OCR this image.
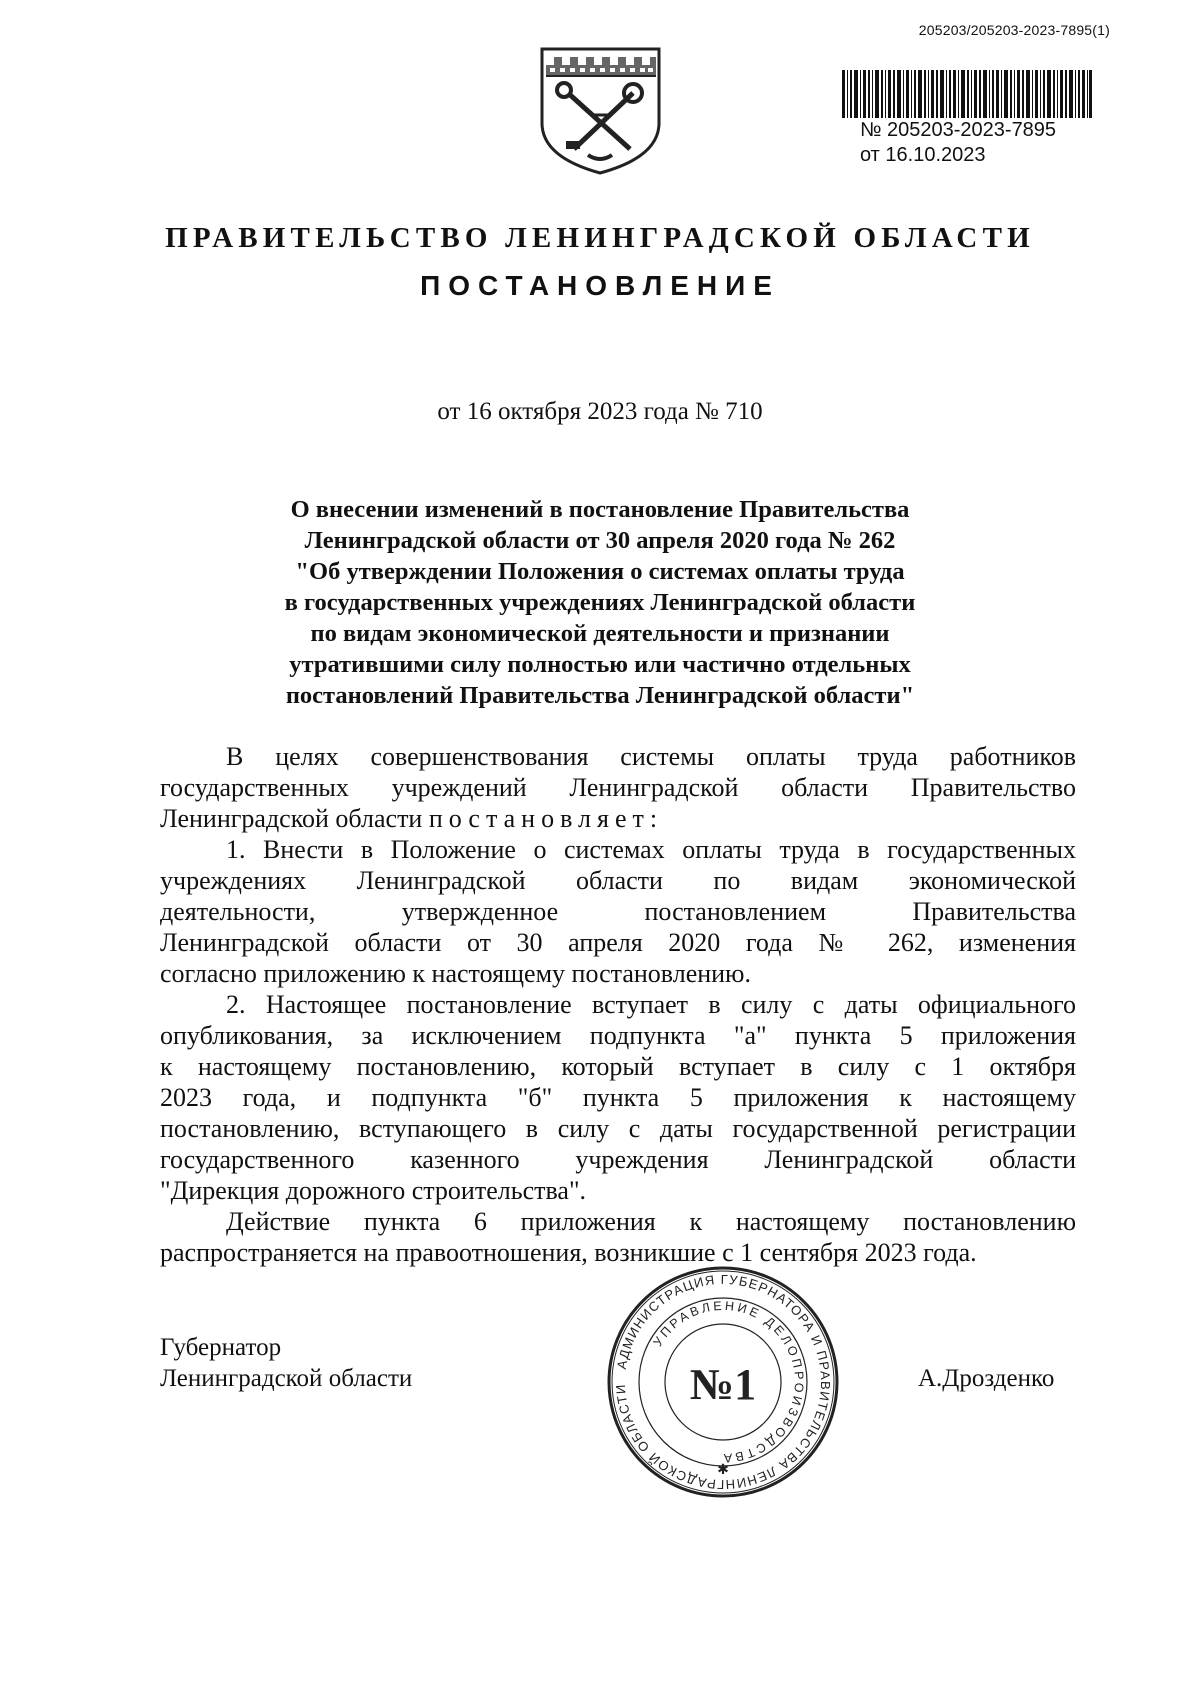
205203/205203-2023-7895(1)
№ 205203-2023-7895
от 16.10.2023
ПРАВИТЕЛЬСТВО ЛЕНИНГРАДСКОЙ ОБЛАСТИ
ПОСТАНОВЛЕНИЕ
от 16 октября 2023 года № 710
О внесении изменений в постановление Правительства
Ленинградской области от 30 апреля 2020 года № 262
"Об утверждении Положения о системах оплаты труда
в государственных учреждениях Ленинградской области
по видам экономической деятельности и признании
утратившими силу полностью или частично отдельных
постановлений Правительства Ленинградской области"
В целях совершенствования системы оплаты труда работников
государственных учреждений Ленинградской области Правительство
Ленинградской области постановляет:
1. Внести в Положение о системах оплаты труда в государственных
учреждениях Ленинградской области по видам экономической
деятельности, утвержденное постановлением Правительства
Ленинградской области от 30 апреля 2020 года № 262, изменения
согласно приложению к настоящему постановлению.
2. Настоящее постановление вступает в силу с даты официального
опубликования, за исключением подпункта "а" пункта 5 приложения
к настоящему постановлению, который вступает в силу с 1 октября
2023 года, и подпункта "б" пункта 5 приложения к настоящему
постановлению, вступающего в силу с даты государственной регистрации
государственного казенного учреждения Ленинградской области
"Дирекция дорожного строительства".
Действие пункта 6 приложения к настоящему постановлению
распространяется на правоотношения, возникшие с 1 сентября 2023 года.
Губернатор
Ленинградской области	А.Дрозденко
АДМИНИСТРАЦИЯ ГУБЕРНАТОРА И ПРАВИТЕЛЬСТВА ЛЕНИНГРАДСКОЙ ОБЛАСТИ
УПРАВЛЕНИЕ ДЕЛОПРОИЗВОДСТВА
№1
✱
